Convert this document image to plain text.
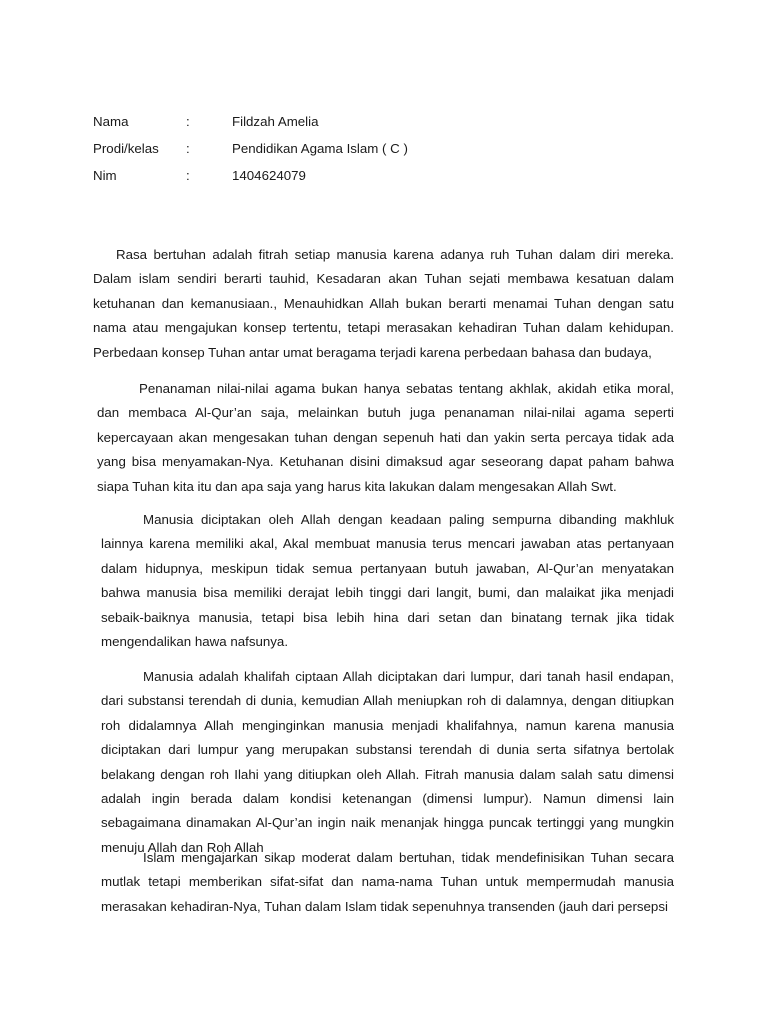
Nama	:	Fildzah Amelia
Prodi/kelas	:	Pendidikan Agama Islam ( C )
Nim	:	1404624079

Rasa bertuhan adalah fitrah setiap manusia karena adanya ruh Tuhan dalam diri mereka. Dalam islam sendiri berarti tauhid, Kesadaran akan Tuhan sejati membawa kesatuan dalam ketuhanan dan kemanusiaan., Menauhidkan Allah bukan berarti menamai Tuhan dengan satu nama atau mengajukan konsep tertentu, tetapi merasakan kehadiran Tuhan dalam kehidupan. Perbedaan konsep Tuhan antar umat beragama terjadi karena perbedaan bahasa dan budaya,

Penanaman nilai-nilai agama bukan hanya sebatas tentang akhlak, akidah etika moral, dan membaca Al-Qur’an saja, melainkan butuh juga penanaman nilai-nilai agama seperti kepercayaan akan mengesakan tuhan dengan sepenuh hati dan yakin serta percaya tidak ada yang bisa menyamakan-Nya. Ketuhanan disini dimaksud agar seseorang dapat paham bahwa siapa Tuhan kita itu dan apa saja yang harus kita lakukan dalam mengesakan Allah Swt.

Manusia diciptakan oleh Allah dengan keadaan paling sempurna dibanding makhluk lainnya karena memiliki akal, Akal membuat manusia terus mencari jawaban atas pertanyaan dalam hidupnya, meskipun tidak semua pertanyaan butuh jawaban, Al-Qur’an menyatakan bahwa manusia bisa memiliki derajat lebih tinggi dari langit, bumi, dan malaikat jika menjadi sebaik-baiknya manusia, tetapi bisa lebih hina dari setan dan binatang ternak jika tidak mengendalikan hawa nafsunya.

Manusia adalah khalifah ciptaan Allah diciptakan dari lumpur, dari tanah hasil endapan, dari substansi terendah di dunia, kemudian Allah meniupkan roh di dalamnya, dengan ditiupkan roh didalamnya Allah menginginkan manusia menjadi khalifahnya, namun karena manusia diciptakan dari lumpur yang merupakan substansi terendah di dunia serta sifatnya bertolak belakang dengan roh Ilahi yang ditiupkan oleh Allah. Fitrah manusia dalam salah satu dimensi adalah ingin berada dalam kondisi ketenangan (dimensi lumpur). Namun dimensi lain sebagaimana dinamakan Al-Qur’an ingin naik menanjak hingga puncak tertinggi yang mungkin menuju Allah dan Roh Allah

Islam mengajarkan sikap moderat dalam bertuhan, tidak mendefinisikan Tuhan secara mutlak tetapi memberikan sifat-sifat dan nama-nama Tuhan untuk mempermudah manusia merasakan kehadiran-Nya, Tuhan dalam Islam tidak sepenuhnya transenden (jauh dari persepsi
